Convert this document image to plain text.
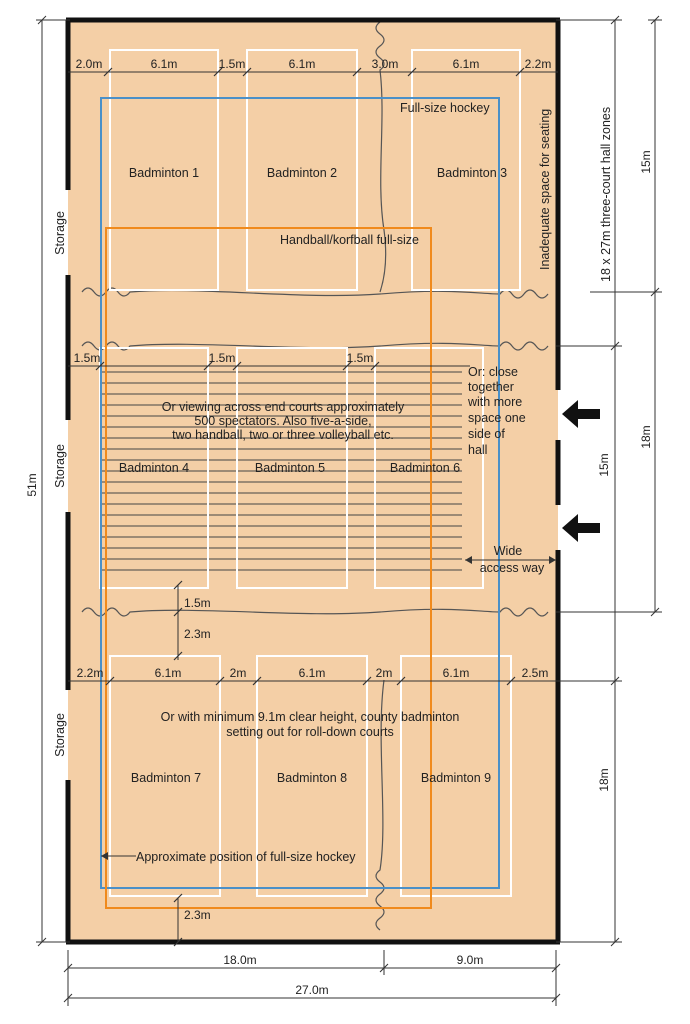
Badminton 1	Badminton 2	Badminton 3
Badminton 4	Badminton 5	Badminton 6
Badminton 7	Badminton 8	Badminton 9
Full-size hockey
Handball/korfball full-size	Inadequate space for seating
Storage
Storage
Storage
Or viewing across end courts approximately
500 spectators. Also five-a-side,
two handball, two or three volleyball etc.
Or: close
together
with more
space one
side of
hall
Wide
access way
Or with minimum 9.1m clear height, county badminton
setting out for roll-down courts
Approximate position of full-size hockey
18 x 27m three-court hall zones
2.0m	6.1m	1.5m	6.1m	3.0m	6.1m	2.2m
1.5m	1.5m	1.5m
2.2m	6.1m	2m	6.1m	2m	6.1m	2.5m
1.5m
2.3m
2.3m
51m
15m
18m
15m
18m
18.0m	9.0m
27.0m
